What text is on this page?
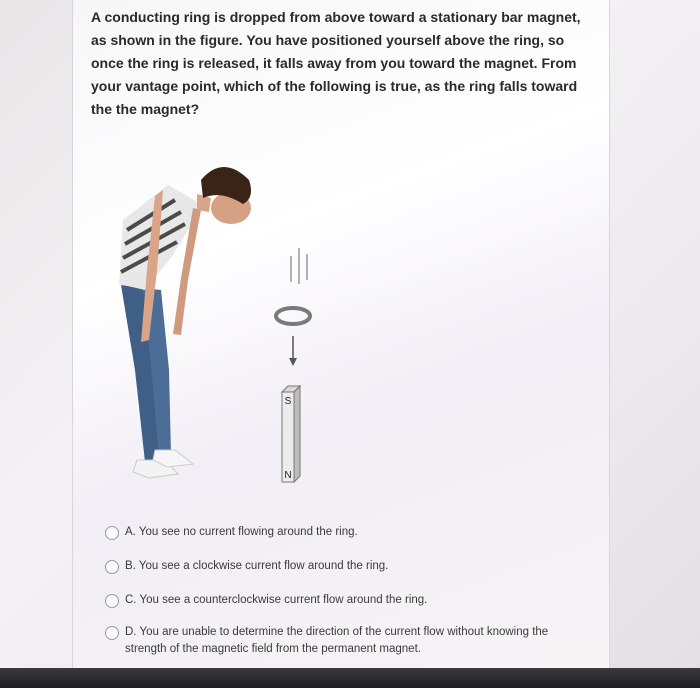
A conducting ring is dropped from above toward a stationary bar magnet, as shown in the figure. You have positioned yourself above the ring, so once the ring is released, it falls away from you toward the magnet. From your vantage point, which of the following is true, as the ring falls toward the the magnet?
S
N
A. You see no current flowing around the ring.
B. You see a clockwise current flow around the ring.
C. You see a counterclockwise current flow around the ring.
D. You are unable to determine the direction of the current flow without knowing the strength of the magnetic field from the permanent magnet.
